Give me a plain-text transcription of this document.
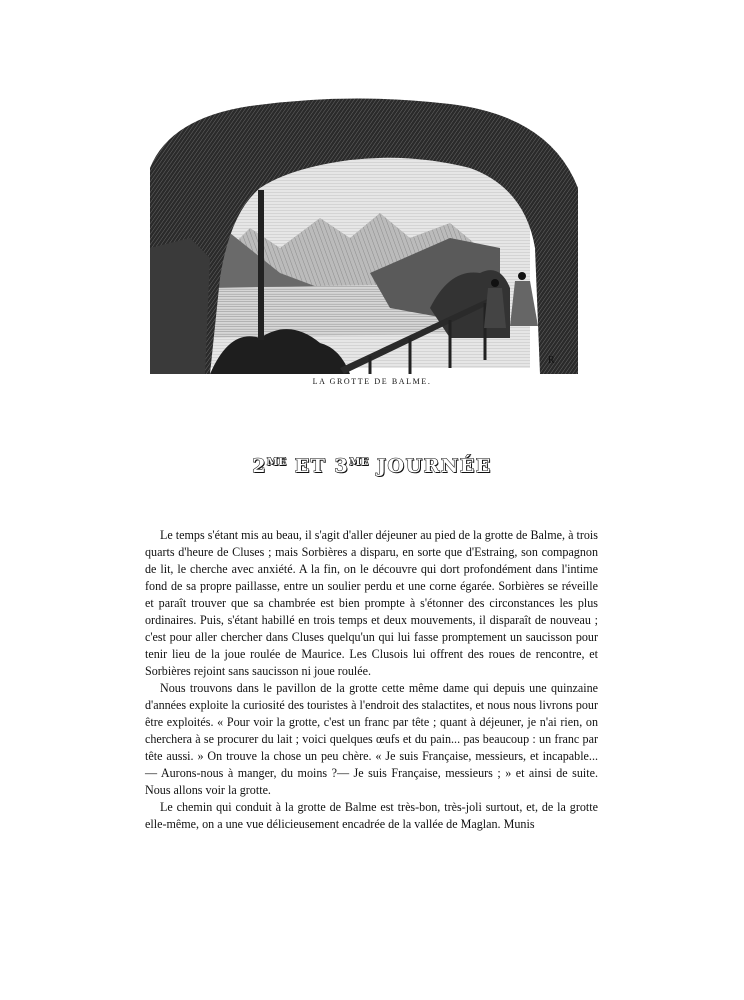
R
LA GROTTE DE BALME.
$2^{ME}$ ET $3^{ME}$ JOURNÉE

Le temps s'étant mis au beau, il s'agit d'aller déjeuner au pied de la grotte de Balme, à trois quarts d'heure de Cluses ; mais Sorbières a disparu, en sorte que d'Estraing, son compagnon de lit, le cherche avec anxiété. A la fin, on le découvre qui dort profondément dans l'intime fond de sa propre paillasse, entre un soulier perdu et une corne égarée. Sorbières se réveille et paraît trouver que sa chambrée est bien prompte à s'étonner des circonstances les plus ordinaires. Puis, s'étant habillé en trois temps et deux mouvements, il disparaît de nouveau ; c'est pour aller chercher dans Cluses quelqu'un qui lui fasse promptement un saucisson pour tenir lieu de la joue roulée de Maurice. Les Clusois lui offrent des roues de rencontre, et Sorbières rejoint sans saucisson ni joue roulée.

Nous trouvons dans le pavillon de la grotte cette même dame qui depuis une quinzaine d'années exploite la curiosité des touristes à l'endroit des stalactites, et nous nous livrons pour être exploités. « Pour voir la grotte, c'est un franc par tête ; quant à déjeuner, je n'ai rien, on cherchera à se procurer du lait ; voici quelques œufs et du pain... pas beaucoup : un franc par tête aussi. » On trouve la chose un peu chère. « Je suis Française, messieurs, et incapable... — Aurons-nous à manger, du moins ?— Je suis Française, messieurs ; » et ainsi de suite. Nous allons voir la grotte.

Le chemin qui conduit à la grotte de Balme est très-bon, très-joli surtout, et, de la grotte elle-même, on a une vue délicieusement encadrée de la vallée de Maglan. Munis
